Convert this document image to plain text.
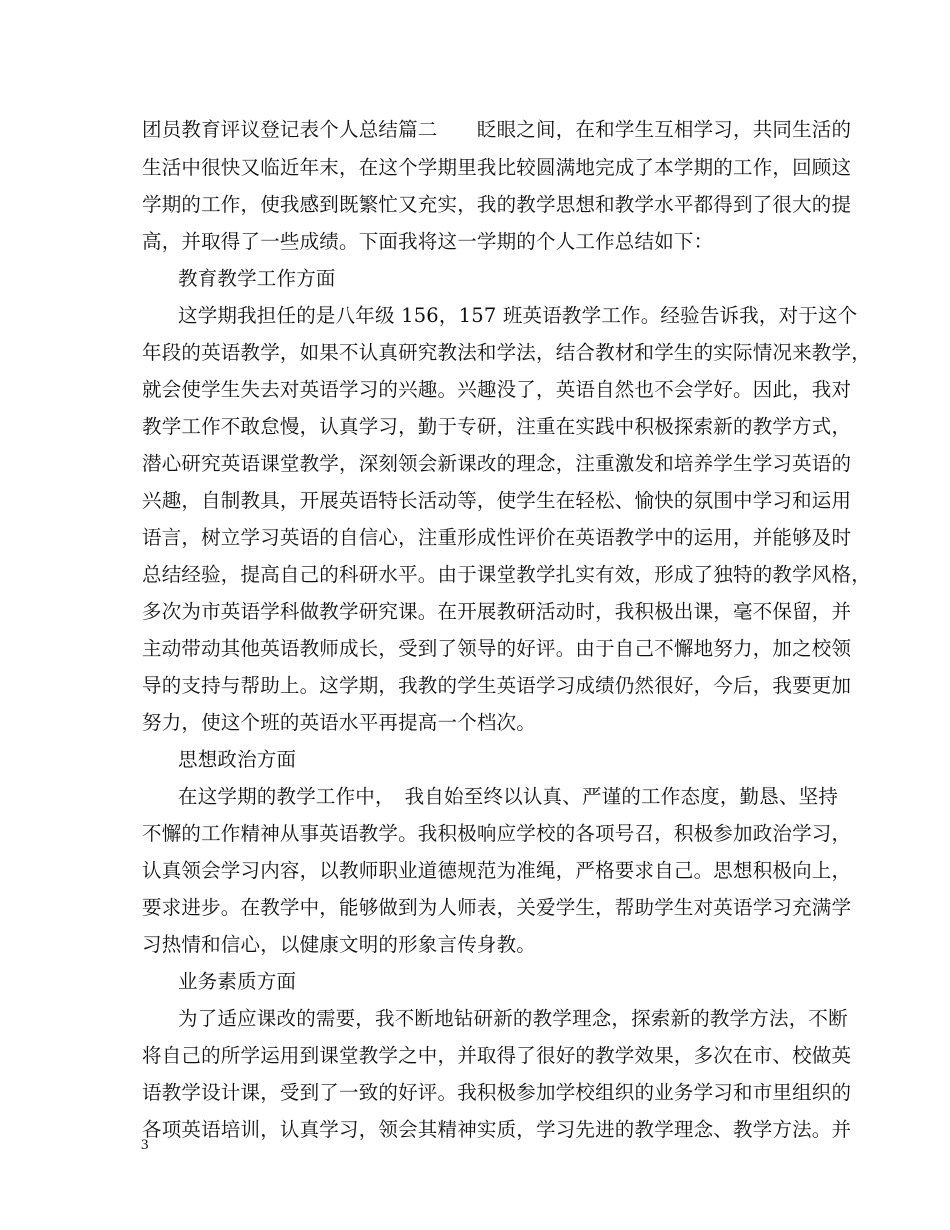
团员教育评议登记表个人总结篇二　　眨眼之间，在和学生互相学习，共同生活的
生活中很快又临近年末，在这个学期里我比较圆满地完成了本学期的工作，回顾这
学期的工作，使我感到既繁忙又充实，我的教学思想和教学水平都得到了很大的提
高，并取得了一些成绩。下面我将这一学期的个人工作总结如下：
教育教学工作方面
这学期我担任的是八年级 156，157 班英语教学工作。经验告诉我，对于这个
年段的英语教学，如果不认真研究教法和学法，结合教材和学生的实际情况来教学，
就会使学生失去对英语学习的兴趣。兴趣没了，英语自然也不会学好。因此，我对
教学工作不敢怠慢，认真学习，勤于专研，注重在实践中积极探索新的教学方式，
潜心研究英语课堂教学，深刻领会新课改的理念，注重激发和培养学生学习英语的
兴趣，自制教具，开展英语特长活动等，使学生在轻松、愉快的氛围中学习和运用
语言，树立学习英语的自信心，注重形成性评价在英语教学中的运用，并能够及时
总结经验，提高自己的科研水平。由于课堂教学扎实有效，形成了独特的教学风格，
多次为市英语学科做教学研究课。在开展教研活动时，我积极出课，毫不保留，并
主动带动其他英语教师成长，受到了领导的好评。由于自己不懈地努力，加之校领
导的支持与帮助上。这学期，我教的学生英语学习成绩仍然很好，今后，我要更加
努力，使这个班的英语水平再提高一个档次。
思想政治方面
在这学期的教学工作中，　我自始至终以认真、严谨的工作态度，勤恳、坚持
不懈的工作精神从事英语教学。我积极响应学校的各项号召，积极参加政治学习，
认真领会学习内容，以教师职业道德规范为准绳，严格要求自己。思想积极向上，
要求进步。在教学中，能够做到为人师表，关爱学生，帮助学生对英语学习充满学
习热情和信心，以健康文明的形象言传身教。
业务素质方面
为了适应课改的需要，我不断地钻研新的教学理念，探索新的教学方法，不断
将自己的所学运用到课堂教学之中，并取得了很好的教学效果，多次在市、校做英
语教学设计课，受到了一致的好评。我积极参加学校组织的业务学习和市里组织的
各项英语培训，认真学习，领会其精神实质，学习先进的教学理念、教学方法。并
3
